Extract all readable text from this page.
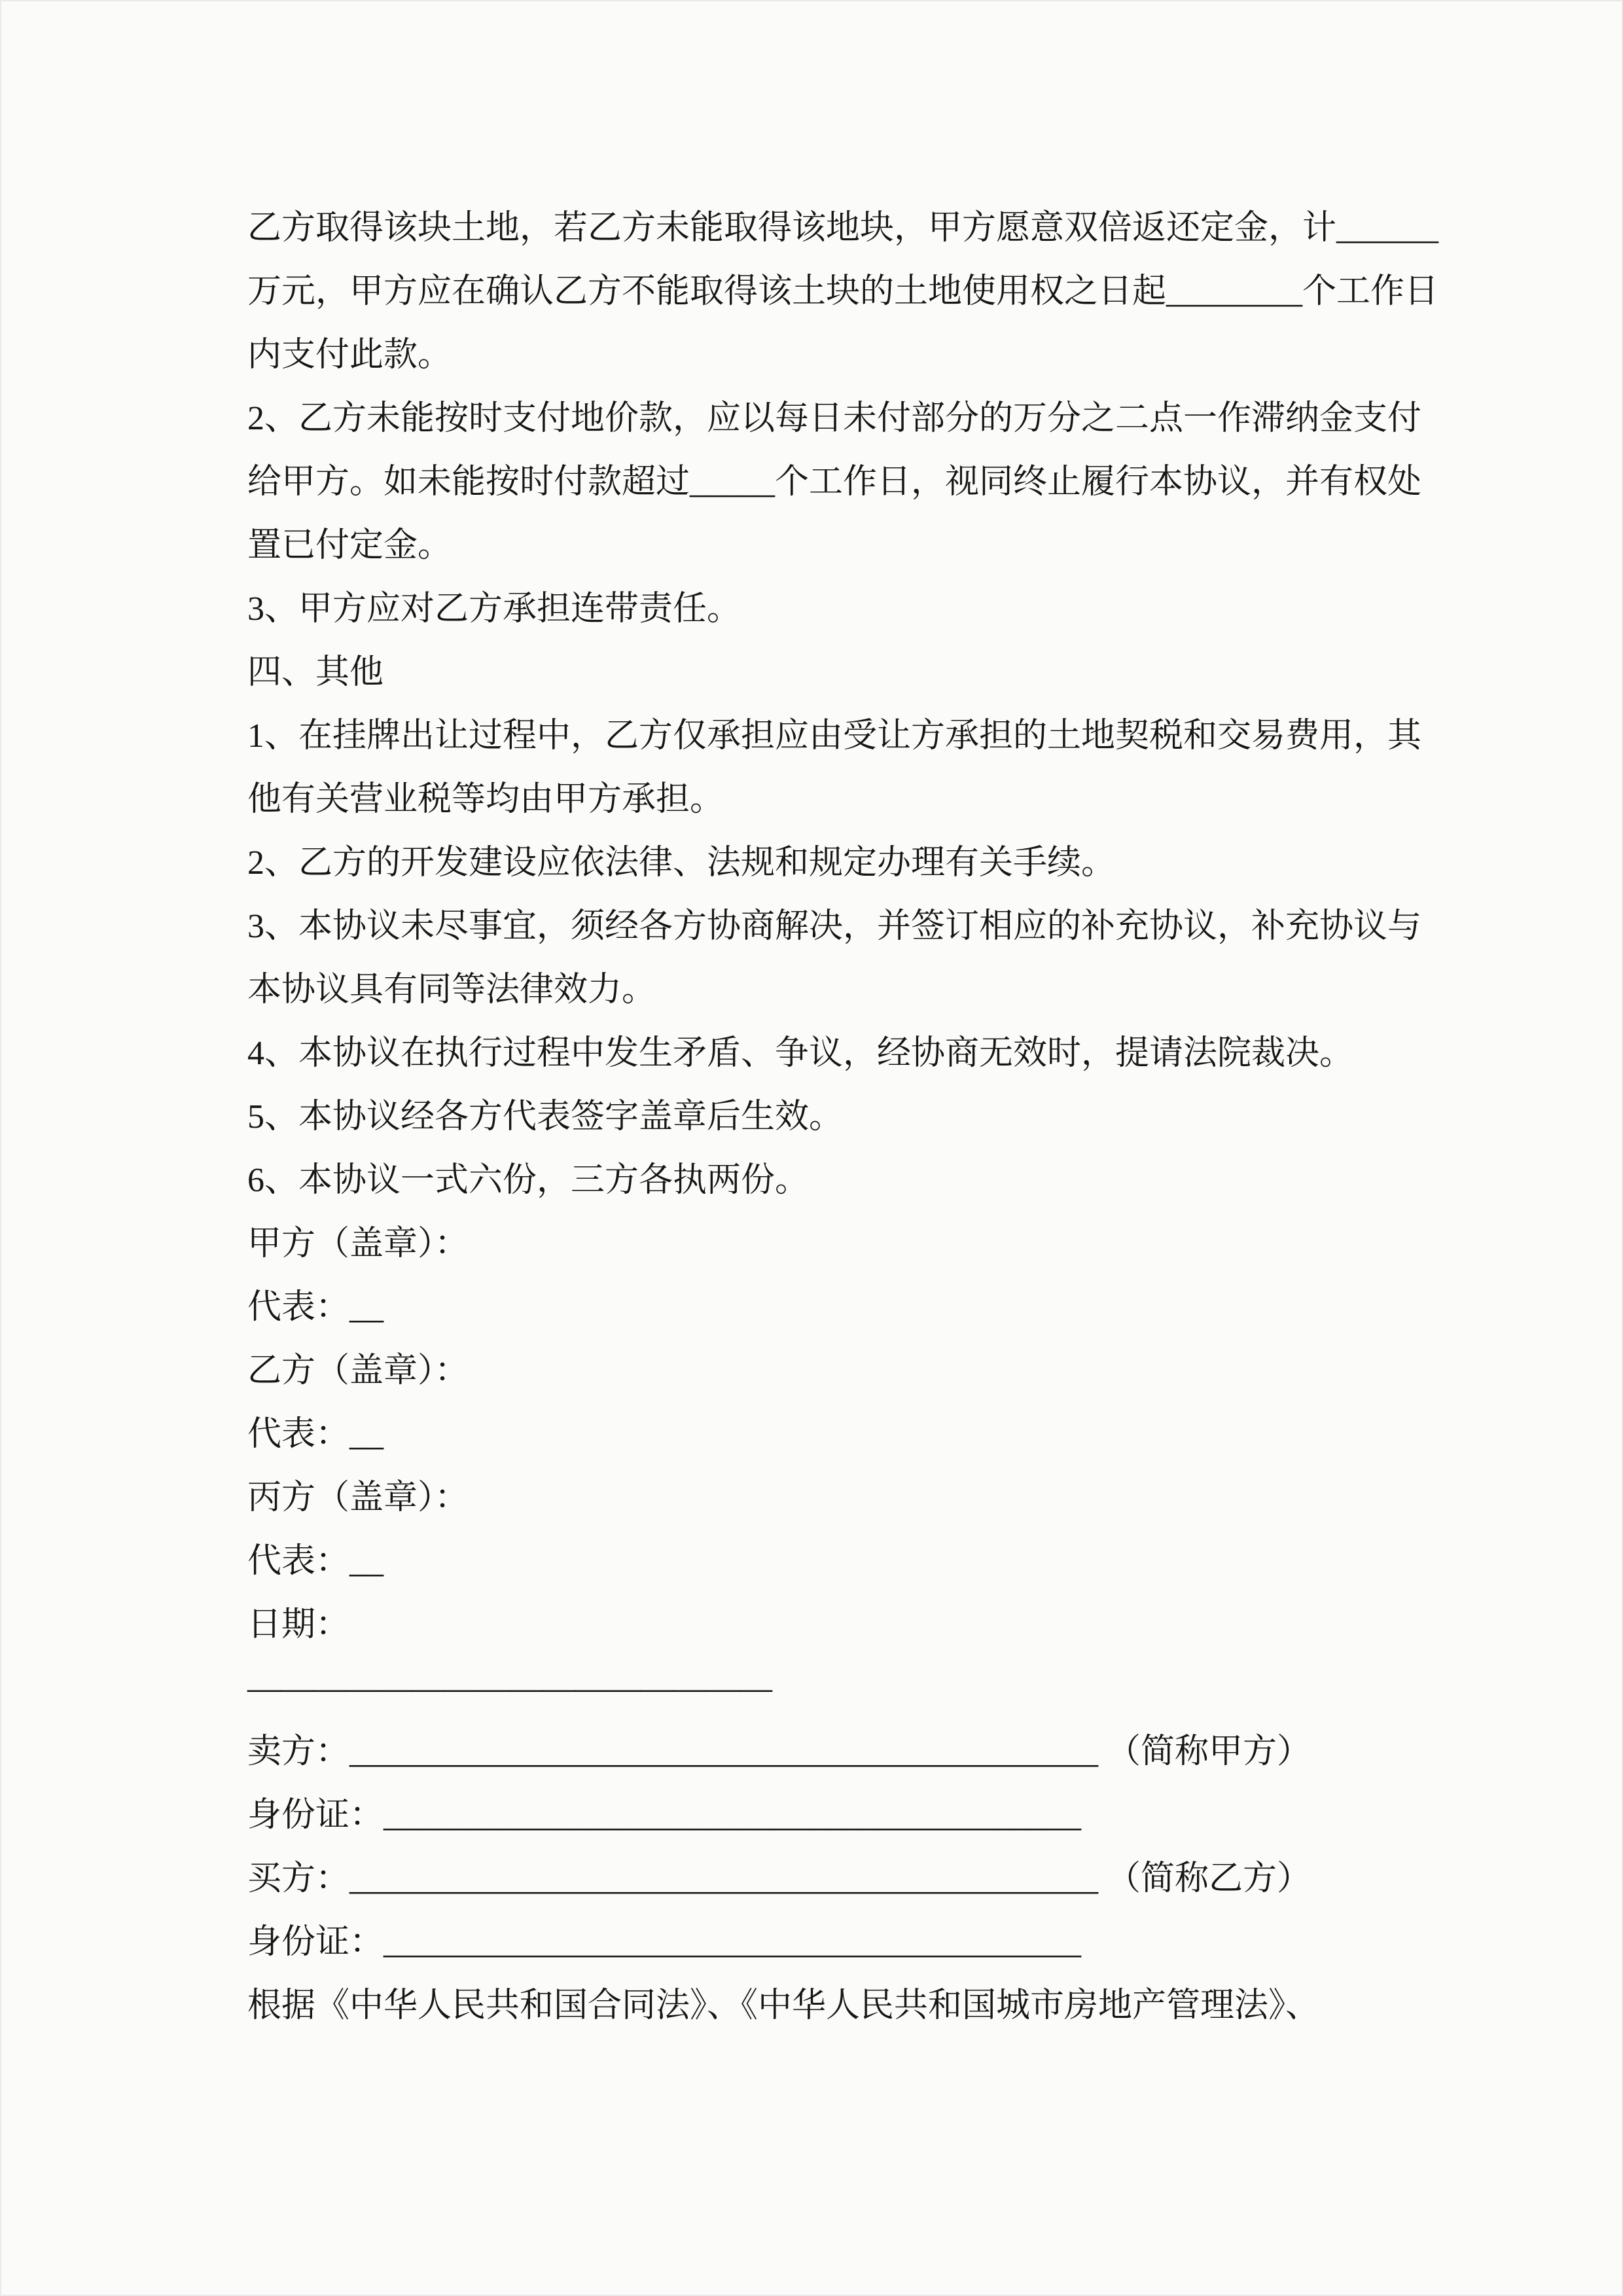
乙方取得该块土地，若乙方未能取得该地块，甲方愿意双倍返还定金，计______
万元，甲方应在确认乙方不能取得该土块的土地使用权之日起________个工作日
内支付此款。
2、乙方未能按时支付地价款，应以每日未付部分的万分之二点一作滞纳金支付
给甲方。如未能按时付款超过_____个工作日，视同终止履行本协议，并有权处
置已付定金。
3、甲方应对乙方承担连带责任。
四、其他
1、在挂牌出让过程中，乙方仅承担应由受让方承担的土地契税和交易费用，其
他有关营业税等均由甲方承担。
2、乙方的开发建设应依法律、法规和规定办理有关手续。
3、本协议未尽事宜，须经各方协商解决，并签订相应的补充协议，补充协议与
本协议具有同等法律效力。
4、本协议在执行过程中发生矛盾、争议，经协商无效时，提请法院裁决。
5、本协议经各方代表签字盖章后生效。
6、本协议一式六份，三方各执两份。
甲方（盖章）：
代表：__
乙方（盖章）：
代表：__
丙方（盖章）：
代表：__
日期：
————————————————
卖方：____________________________________________ （简称甲方）
身份证：_________________________________________
买方：____________________________________________ （简称乙方）
身份证：_________________________________________
根据《中华人民共和国合同法》、《中华人民共和国城市房地产管理法》、
